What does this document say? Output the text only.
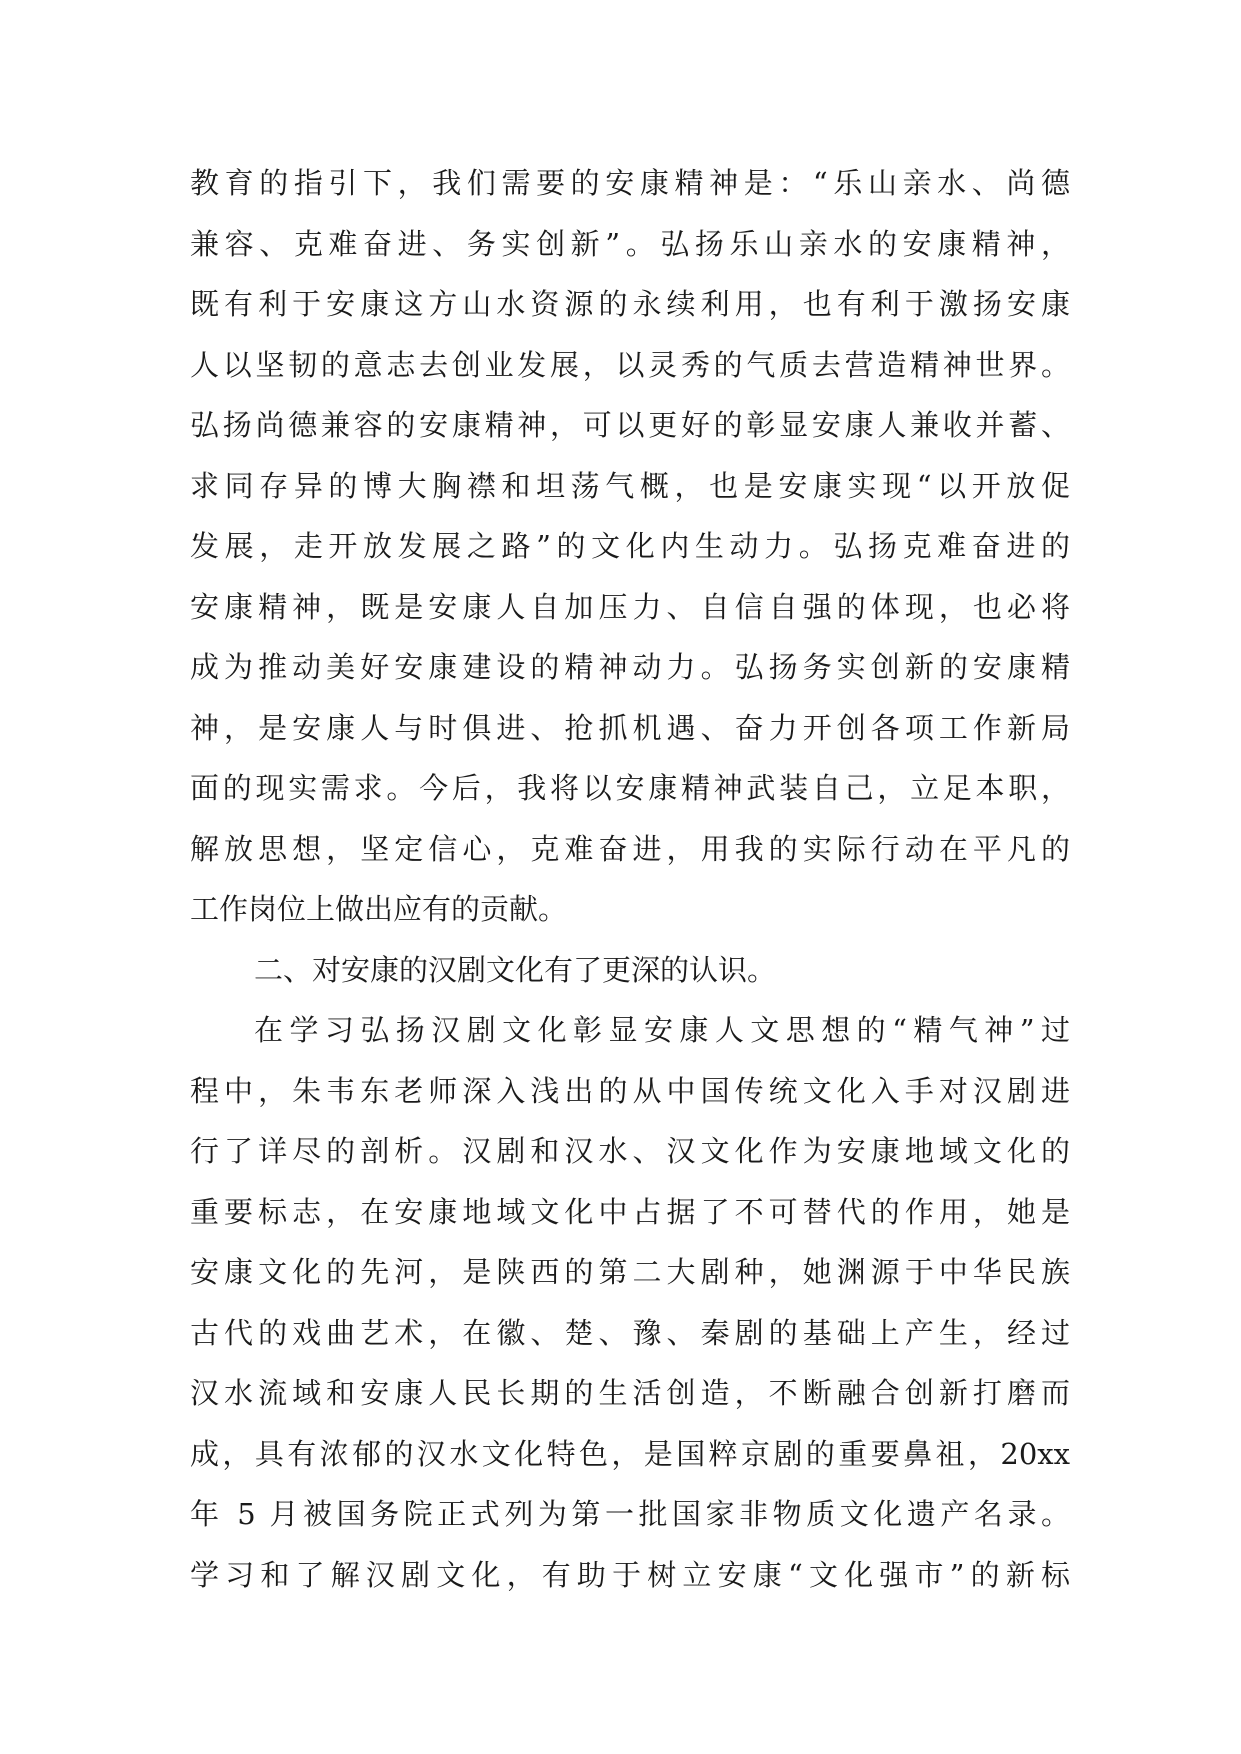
教育的指引下，我们需要的安康精神是：“乐山亲水、尚德
兼容、克难奋进、务实创新”。弘扬乐山亲水的安康精神，
既有利于安康这方山水资源的永续利用，也有利于激扬安康
人以坚韧的意志去创业发展，以灵秀的气质去营造精神世界。
弘扬尚德兼容的安康精神，可以更好的彰显安康人兼收并蓄、
求同存异的博大胸襟和坦荡气概，也是安康实现“以开放促
发展，走开放发展之路”的文化内生动力。弘扬克难奋进的
安康精神，既是安康人自加压力、自信自强的体现，也必将
成为推动美好安康建设的精神动力。弘扬务实创新的安康精
神，是安康人与时俱进、抢抓机遇、奋力开创各项工作新局
面的现实需求。今后，我将以安康精神武装自己，立足本职，
解放思想，坚定信心，克难奋进，用我的实际行动在平凡的
工作岗位上做出应有的贡献。
二、对安康的汉剧文化有了更深的认识。
在学习弘扬汉剧文化彰显安康人文思想的“精气神”过
程中，朱韦东老师深入浅出的从中国传统文化入手对汉剧进
行了详尽的剖析。汉剧和汉水、汉文化作为安康地域文化的
重要标志，在安康地域文化中占据了不可替代的作用，她是
安康文化的先河，是陕西的第二大剧种，她渊源于中华民族
古代的戏曲艺术，在徽、楚、豫、秦剧的基础上产生，经过
汉水流域和安康人民长期的生活创造，不断融合创新打磨而
成，具有浓郁的汉水文化特色，是国粹京剧的重要鼻祖，20xx
年 5 月被国务院正式列为第一批国家非物质文化遗产名录。
学习和了解汉剧文化，有助于树立安康“文化强市”的新标
